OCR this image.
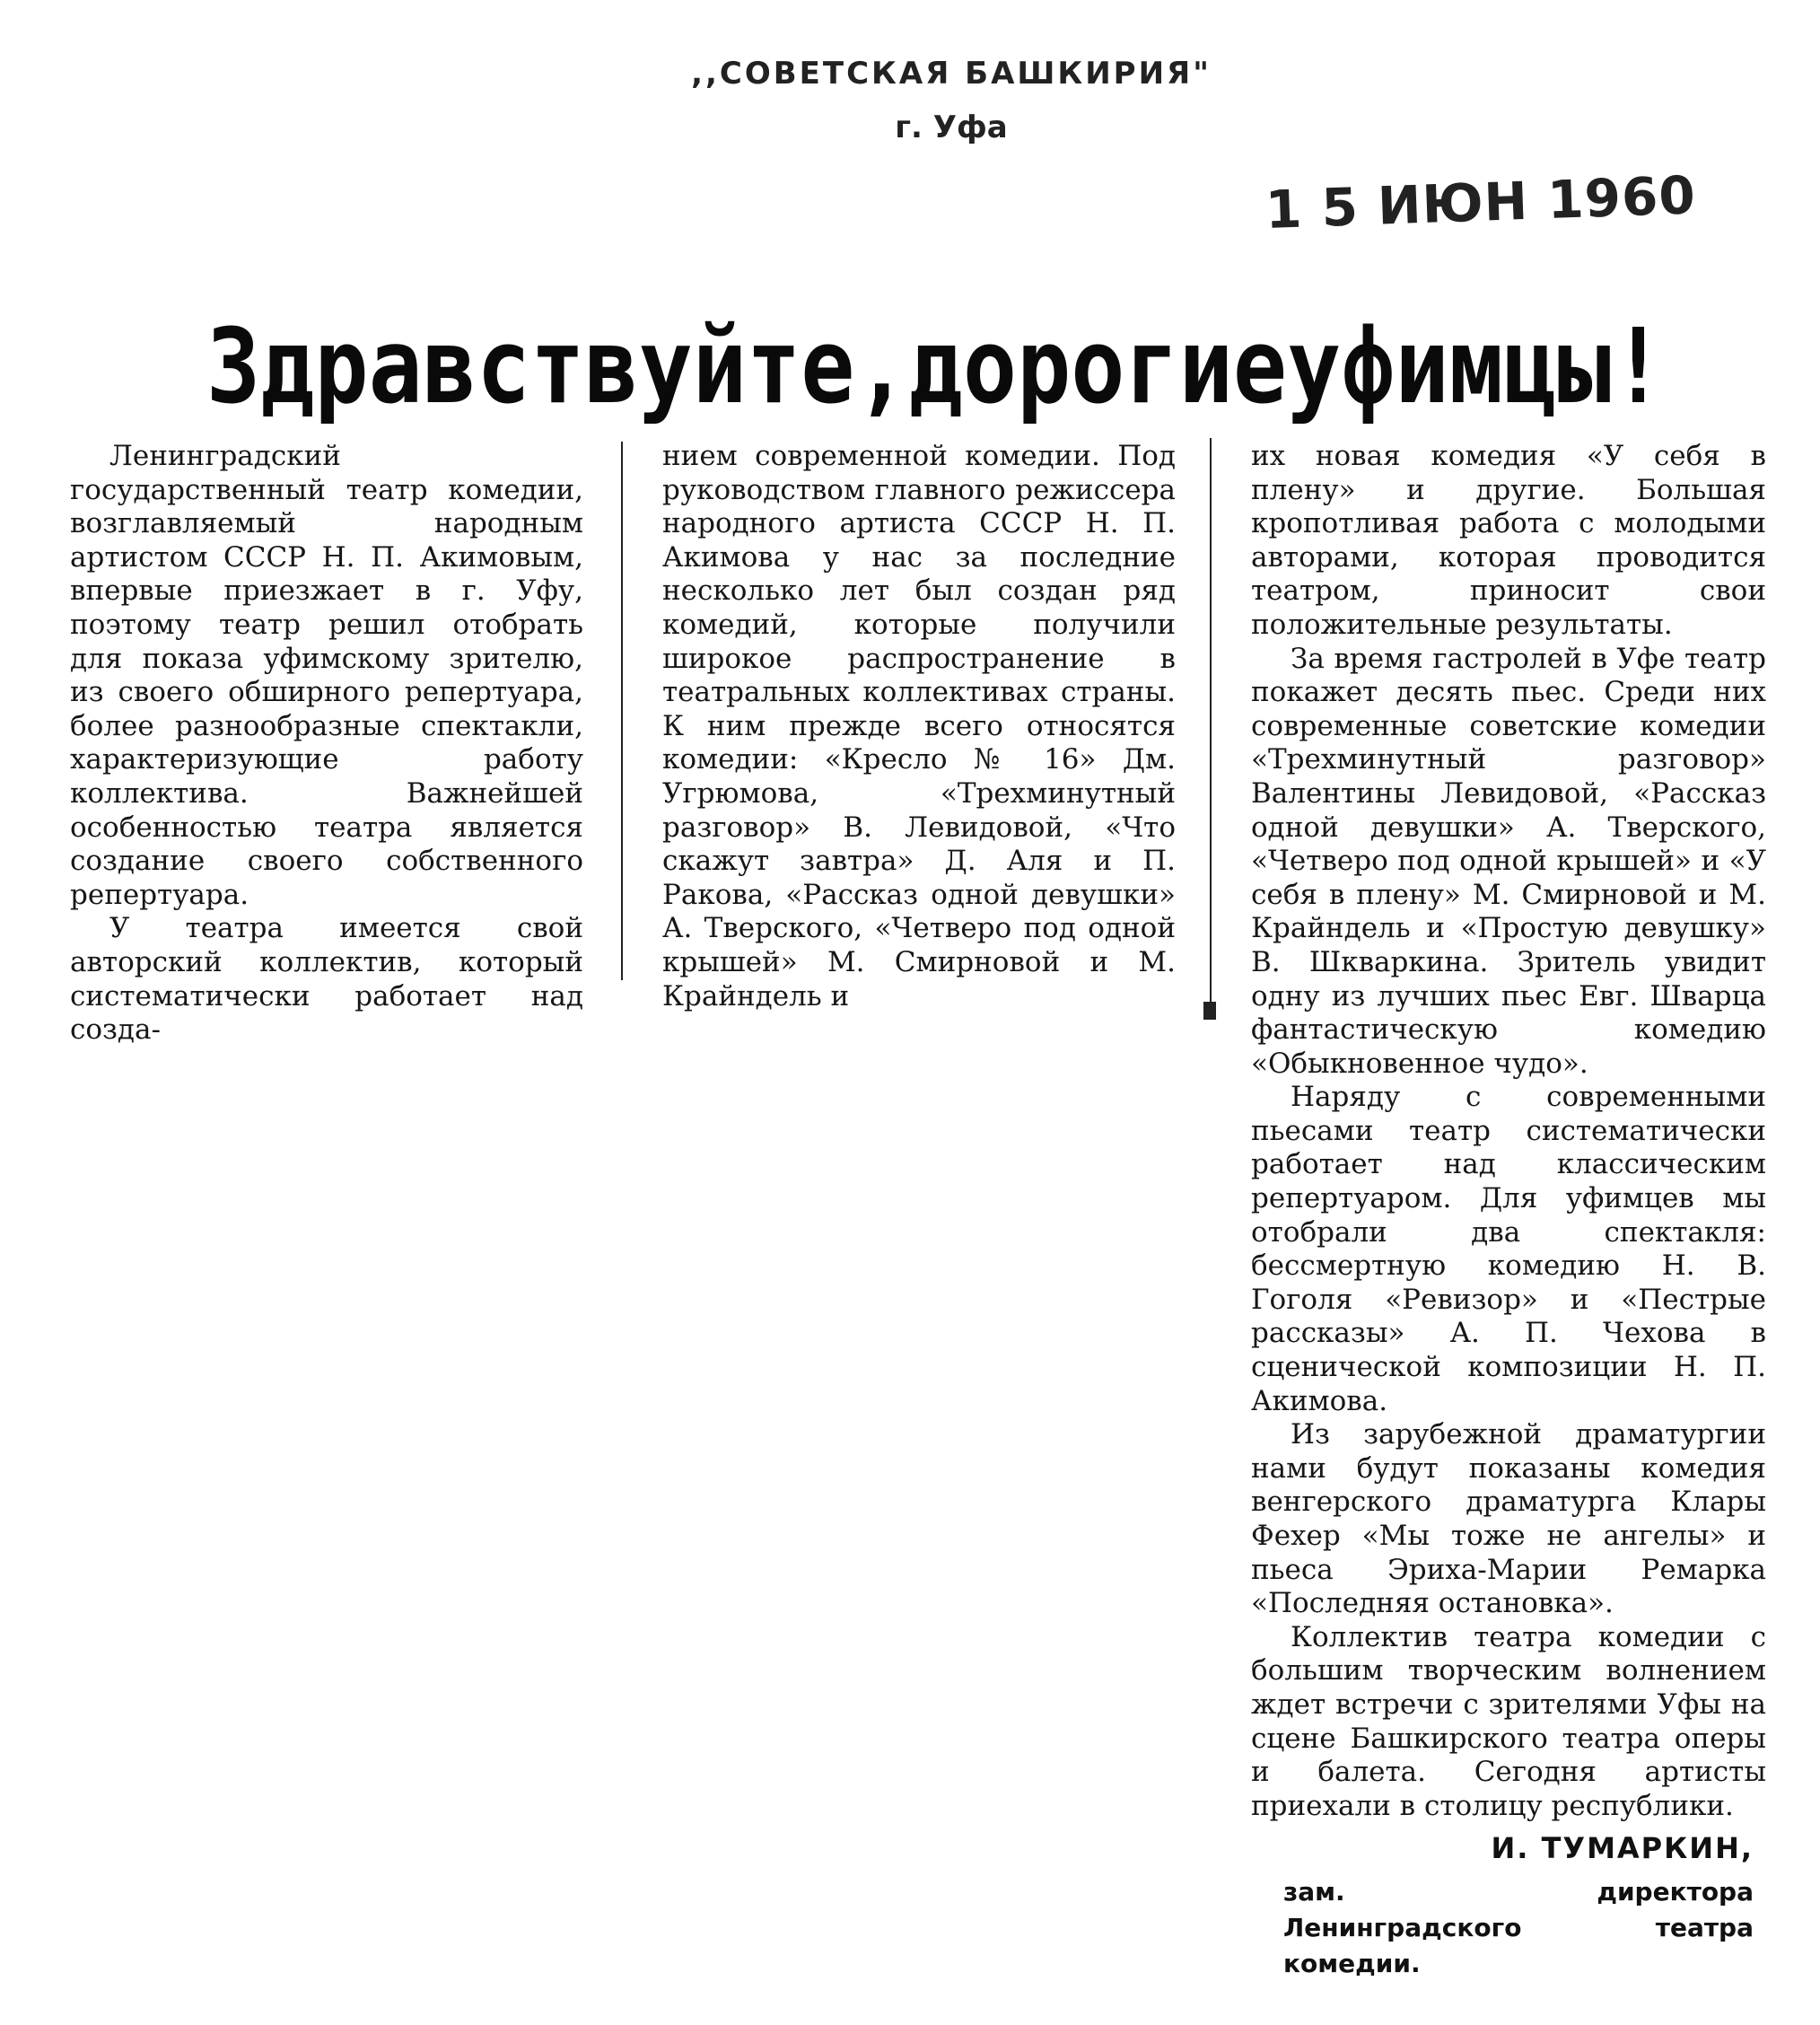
,,СОВЕТСКАЯ БАШКИРИЯ"
г. Уфа
1 5 ИЮН 1960
Здравствуйте, дорогие уфимцы!

Ленинградский государственный театр комедии, возглавляемый народным артистом СССР Н. П. Акимовым, впервые приезжает в г. Уфу, поэтому театр решил отобрать для показа уфимскому зрителю, из своего обширного репертуара, более разнообразные спектакли, характеризующие работу коллектива. Важнейшей особенностью театра является создание своего собственного репертуара.

У театра имеется свой авторский коллектив, который систематически работает над созда-

нием современной комедии. Под руководством главного режиссера народного артиста СССР Н. П. Акимова у нас за последние несколько лет был создан ряд комедий, которые получили широкое распространение в театральных коллективах страны. К ним прежде всего относятся комедии: «Кресло № 16» Дм. Угрюмова, «Трехминутный разговор» В. Левидовой, «Что скажут завтра» Д. Аля и П. Ракова, «Рассказ одной девушки» А. Тверского, «Четверо под одной крышей» М. Смирновой и М. Крайндель и

их новая комедия «У себя в плену» и другие. Большая кропотливая работа с молодыми авторами, которая проводится театром, приносит свои положительные результаты.

За время гастролей в Уфе театр покажет десять пьес. Среди них современные советские комедии «Трехминутный разговор» Валентины Левидовой, «Рассказ одной девушки» А. Тверского, «Четверо под одной крышей» и «У себя в плену» М. Смирновой и М. Крайндель и «Простую девушку» В. Шкваркина. Зритель увидит одну из лучших пьес Евг. Шварца фантастическую комедию «Обыкновенное чудо».

Наряду с современными пьесами театр систематически работает над классическим репертуаром. Для уфимцев мы отобрали два спектакля: бессмертную комедию Н. В. Гоголя «Ревизор» и «Пестрые рассказы» А. П. Чехова в сценической композиции Н. П. Акимова.

Из зарубежной драматургии нами будут показаны комедия венгерского драматурга Клары Фехер «Мы тоже не ангелы» и пьеса Эриха-Марии Ремарка «Последняя остановка».

Коллектив театра комедии с большим творческим волнением ждет встречи с зрителями Уфы на сцене Башкирского театра оперы и балета. Сегодня артисты приехали в столицу республики.

И. ТУМАРКИН,
зам. директора Ленинградского театра комедии.
